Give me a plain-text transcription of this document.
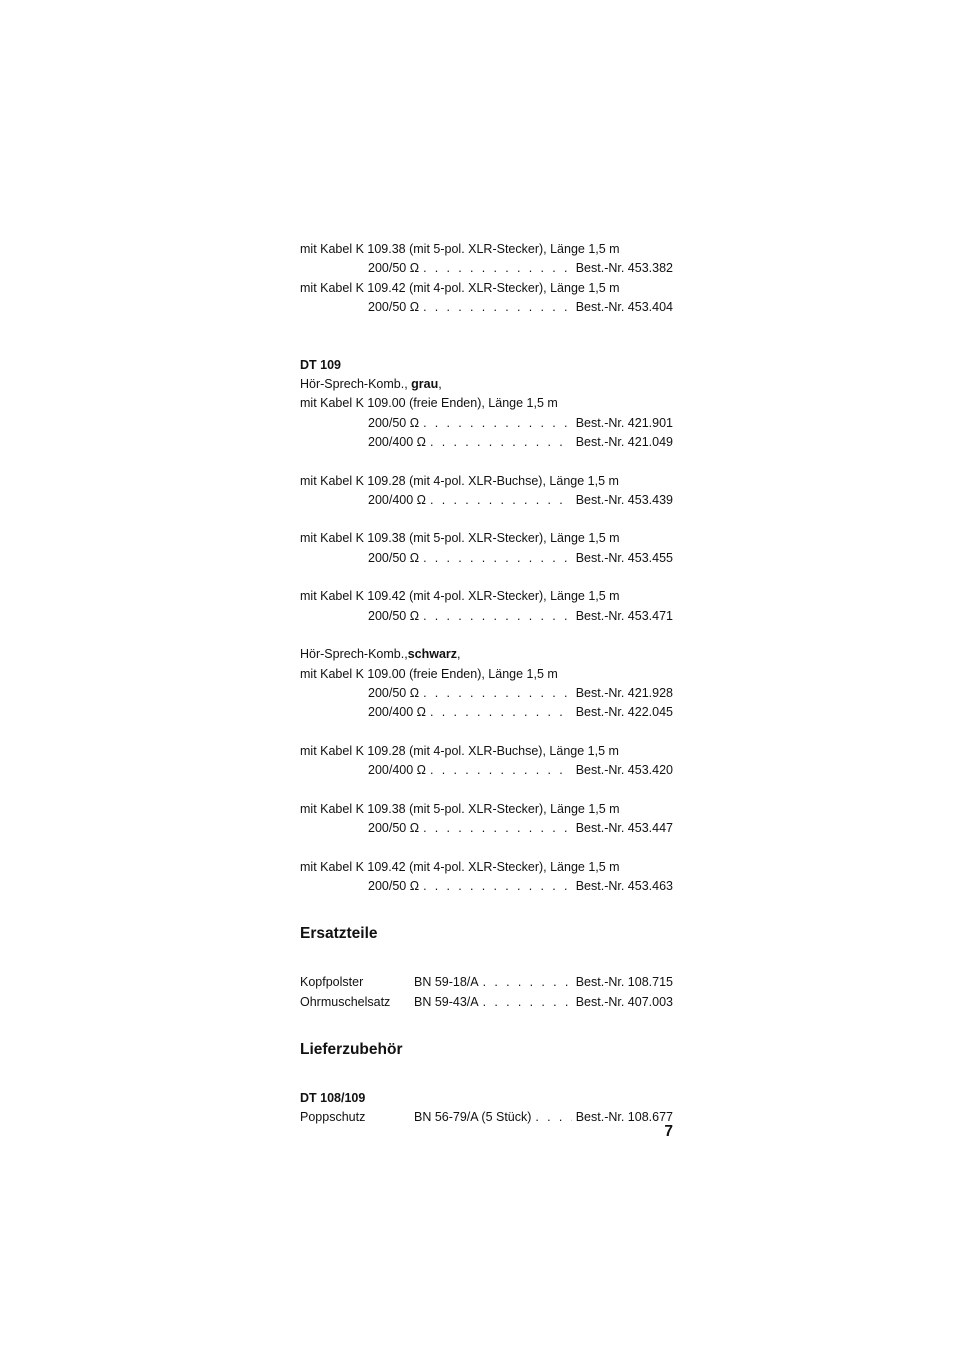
mit Kabel K 109.38 (mit 5-pol. XLR-Stecker), Länge 1,5 m
200/50 Ω . . .	Best.-Nr. 453.382
mit Kabel K 109.42 (mit 4-pol. XLR-Stecker), Länge 1,5 m
200/50 Ω . . .	Best.-Nr. 453.404
DT 109
Hör-Sprech-Komb., grau,
mit Kabel K 109.00 (freie Enden), Länge 1,5 m
200/50 Ω . . .	Best.-Nr. 421.901
200/400 Ω . . .	Best.-Nr. 421.049
mit Kabel K 109.28 (mit 4-pol. XLR-Buchse), Länge 1,5 m
200/400 Ω . . .	Best.-Nr. 453.439
mit Kabel K 109.38 (mit 5-pol. XLR-Stecker), Länge 1,5 m
200/50 Ω . . .	Best.-Nr. 453.455
mit Kabel K 109.42 (mit 4-pol. XLR-Stecker), Länge 1,5 m
200/50 Ω . . .	Best.-Nr. 453.471
Hör-Sprech-Komb.,schwarz,
mit Kabel K 109.00 (freie Enden), Länge 1,5 m
200/50 Ω . . .	Best.-Nr. 421.928
200/400 Ω . . .	Best.-Nr. 422.045
mit Kabel K 109.28 (mit 4-pol. XLR-Buchse), Länge 1,5 m
200/400 Ω . . .	Best.-Nr. 453.420
mit Kabel K 109.38 (mit 5-pol. XLR-Stecker), Länge 1,5 m
200/50 Ω . . .	Best.-Nr. 453.447
mit Kabel K 109.42 (mit 4-pol. XLR-Stecker), Länge 1,5 m
200/50 Ω . . .	Best.-Nr. 453.463
Ersatzteile
Kopfpolster	BN 59-18/A . . .	Best.-Nr. 108.715
Ohrmuschelsatz	BN 59-43/A . . .	Best.-Nr. 407.003
Lieferzubehör
DT 108/109
Poppschutz	BN 56-79/A (5 Stück) . . .	Best.-Nr. 108.677
7
